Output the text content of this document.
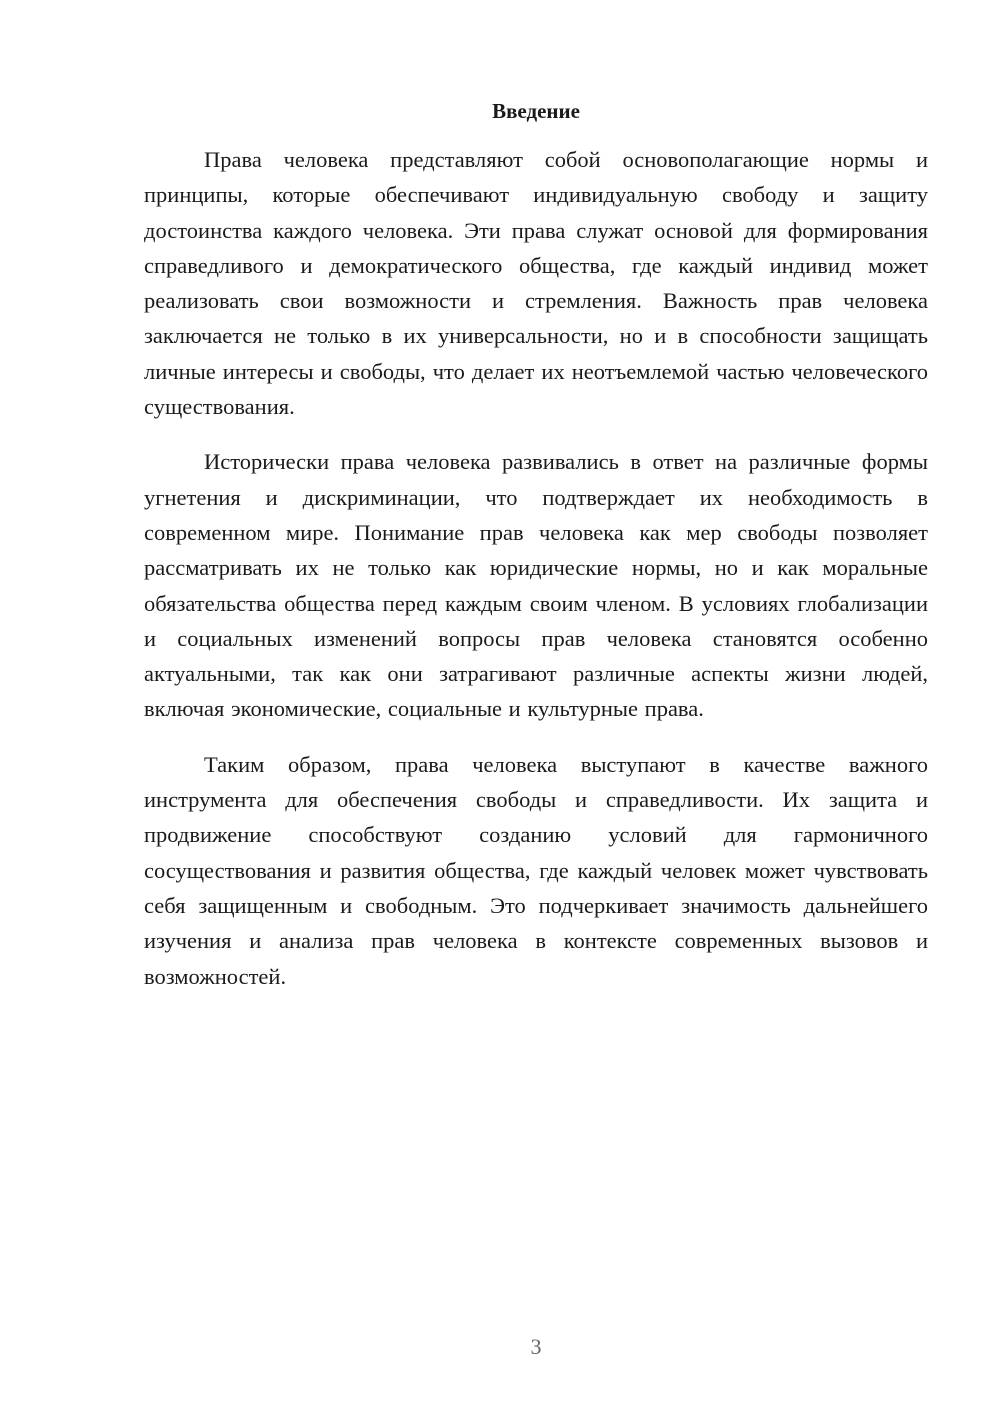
Введение

Права человека представляют собой основополагающие нормы и принципы, которые обеспечивают индивидуальную свободу и защиту достоинства каждого человека. Эти права служат основой для формирования справедливого и демократического общества, где каждый индивид может реализовать свои возможности и стремления. Важность прав человека заключается не только в их универсальности, но и в способности защищать личные интересы и свободы, что делает их неотъемлемой частью человеческого существования.

Исторически права человека развивались в ответ на различные формы угнетения и дискриминации, что подтверждает их необходимость в современном мире. Понимание прав человека как мер свободы позволяет рассматривать их не только как юридические нормы, но и как моральные обязательства общества перед каждым своим членом. В условиях глобализации и социальных изменений вопросы прав человека становятся особенно актуальными, так как они затрагивают различные аспекты жизни людей, включая экономические, социальные и культурные права.

Таким образом, права человека выступают в качестве важного инструмента для обеспечения свободы и справедливости. Их защита и продвижение способствуют созданию условий для гармоничного сосуществования и развития общества, где каждый человек может чувствовать себя защищенным и свободным. Это подчеркивает значимость дальнейшего изучения и анализа прав человека в контексте современных вызовов и возможностей.

3
